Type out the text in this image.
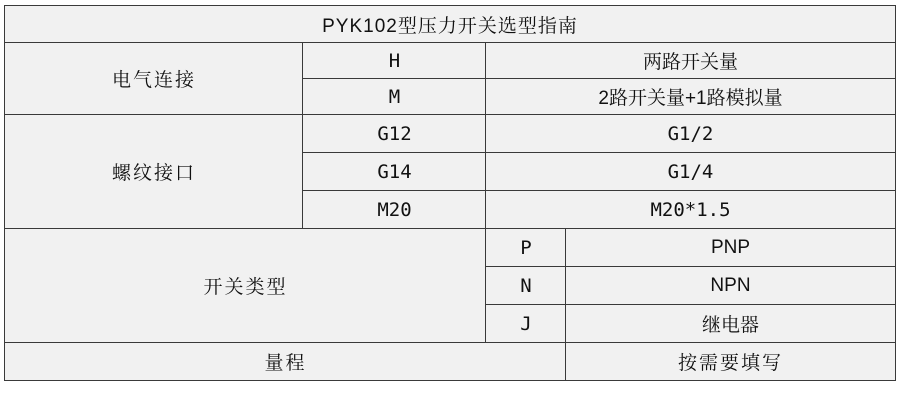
PYK102型压力开关选型指南			
电气连接	H	两路开关量	
	M	2路开关量+1路模拟量	
螺纹接口	G12	G1/2	
	G14	G1/4	
	M20	M20*1.5	
开关类型		P	PNP
		N	NPN
		J	继电器
量程			按需要填写
